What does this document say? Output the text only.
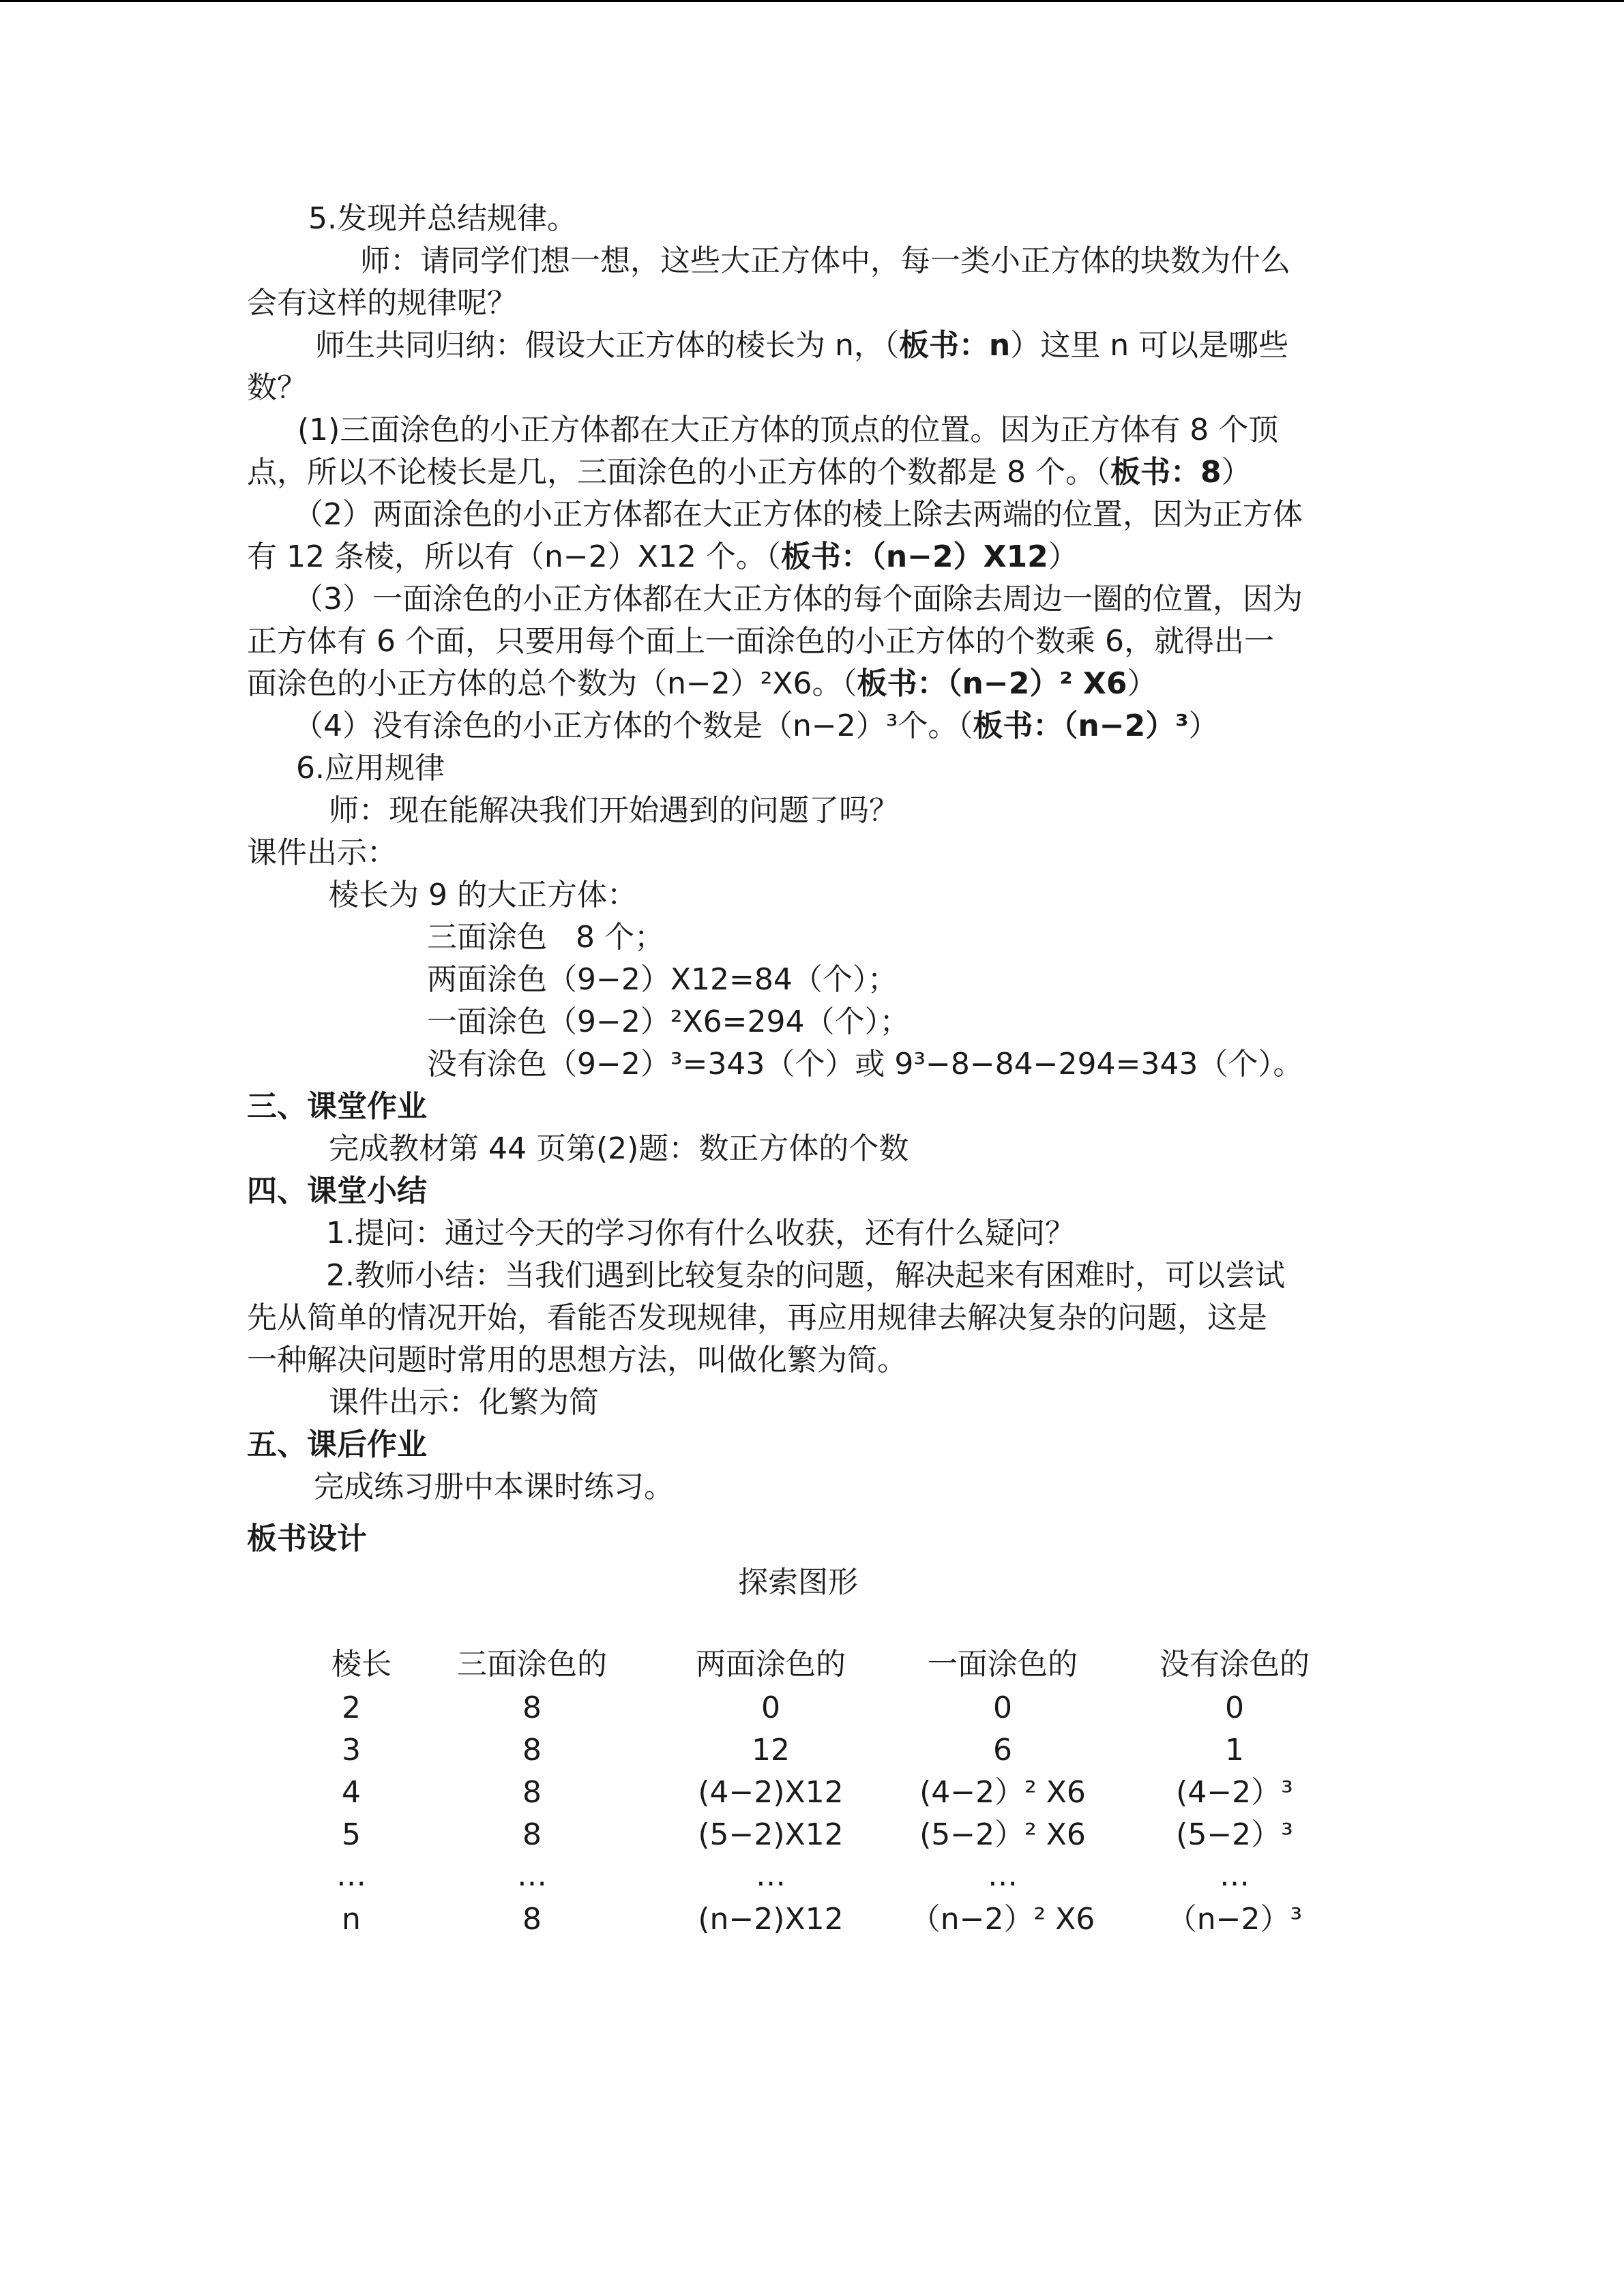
5.发现并总结规律。
师：请同学们想一想，这些大正方体中，每一类小正方体的块数为什么
会有这样的规律呢？
师生共同归纳：假设大正方体的棱长为 n，（板书：n）这里 n 可以是哪些
数？
(1)三面涂色的小正方体都在大正方体的顶点的位置。因为正方体有 8 个顶
点，所以不论棱长是几，三面涂色的小正方体的个数都是 8 个。（板书：8）
（2）两面涂色的小正方体都在大正方体的棱上除去两端的位置，因为正方体
有 12 条棱，所以有（n−2）X12 个。（板书：（n−2）X12）
（3）一面涂色的小正方体都在大正方体的每个面除去周边一圈的位置，因为
正方体有 6 个面，只要用每个面上一面涂色的小正方体的个数乘 6，就得出一
面涂色的小正方体的总个数为（n−2）²X6。（板书：（n−2）² X6）
（4）没有涂色的小正方体的个数是（n−2）³个。（板书：（n−2）³）
6.应用规律
师：现在能解决我们开始遇到的问题了吗？
课件出示：
棱长为 9 的大正方体：
三面涂色   8 个；
两面涂色（9−2）X12=84（个）；
一面涂色（9−2）²X6=294（个）；
没有涂色（9−2）³=343（个）或 9³−8−84−294=343（个）。
三、课堂作业
完成教材第 44 页第(2)题：数正方体的个数
四、课堂小结
1.提问：通过今天的学习你有什么收获，还有什么疑问？
2.教师小结：当我们遇到比较复杂的问题，解决起来有困难时，可以尝试
先从简单的情况开始，看能否发现规律，再应用规律去解决复杂的问题，这是
一种解决问题时常用的思想方法，叫做化繁为简。
课件出示：化繁为简
五、课后作业
完成练习册中本课时练习。
板书设计
探索图形
棱长	三面涂色的	两面涂色的	一面涂色的	没有涂色的
2	8	0	0	0
3	8	12	6	1
4	8	(4−2)X12	(4−2）² X6	(4−2）³
5	8	(5−2)X12	(5−2）² X6	(5−2）³
…	…	…	…	…
n	8	(n−2)X12	（n−2）² X6	（n−2）³
